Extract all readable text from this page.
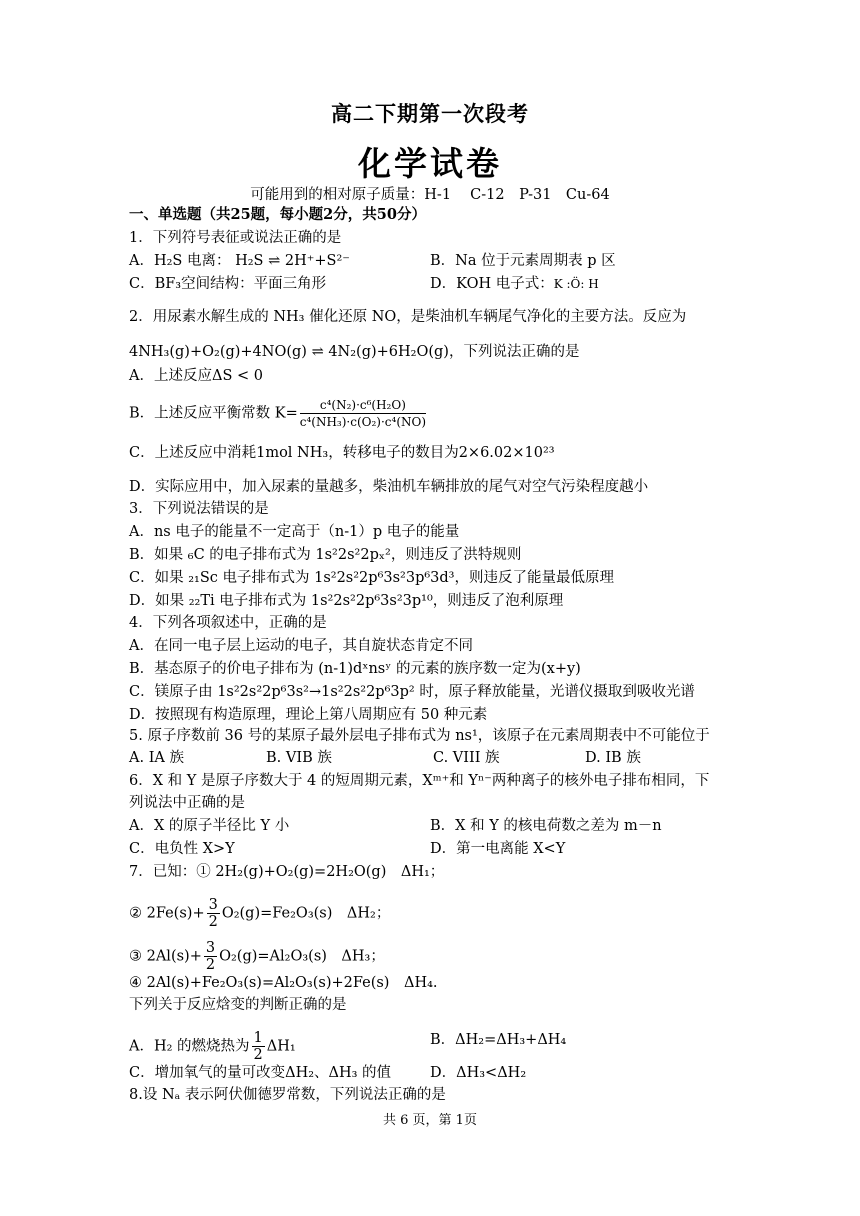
高二下期第一次段考
化学试卷
可能用到的相对原子质量：H-1　 C-12　P-31　Cu-64
一、单选题（共25题，每小题2分，共50分）
1．下列符号表征或说法正确的是
A．H₂S 电离： H₂S ⇌ 2H⁺+S²⁻	B．Na 位于元素周期表 p 区
C．BF₃空间结构：平面三角形	D．KOH 电子式：K :Ö: H
2．用尿素水解生成的 NH₃ 催化还原 NO，是柴油机车辆尾气净化的主要方法。反应为
4NH₃(g)+O₂(g)+4NO(g) ⇌ 4N₂(g)+6H₂O(g)，下列说法正确的是
A．上述反应ΔS < 0
B．上述反应平衡常数 $K= \frac{\text{c⁴(N₂)·c⁶(H₂O)}}{\text{c⁴(NH₃)·c(O₂)·c⁴(NO)}}$
C．上述反应中消耗1mol NH₃，转移电子的数目为2×6.02×10²³
D．实际应用中，加入尿素的量越多，柴油机车辆排放的尾气对空气污染程度越小
3．下列说法错误的是
A．ns 电子的能量不一定高于（n-1）p 电子的能量
B．如果 ₆C 的电子排布式为 1s²2s²2pₓ²，则违反了洪特规则
C．如果 ₂₁Sc 电子排布式为 1s²2s²2p⁶3s²3p⁶3d³，则违反了能量最低原理
D．如果 ₂₂Ti 电子排布式为 1s²2s²2p⁶3s²3p¹⁰，则违反了泡利原理
4．下列各项叙述中，正确的是
A．在同一电子层上运动的电子，其自旋状态肯定不同
B．基态原子的价电子排布为 (n-1)dˣnsʸ 的元素的族序数一定为(x+y)
C．镁原子由 1s²2s²2p⁶3s²→1s²2s²2p⁶3p² 时，原子释放能量，光谱仪摄取到吸收光谱
D．按照现有构造原理，理论上第八周期应有 50 种元素
5. 原子序数前 36 号的某原子最外层电子排布式为 ns¹，该原子在元素周期表中不可能位于
A. IA 族	B. VIB 族	C. VIII 族	D. IB 族
6．X 和 Y 是原子序数大于 4 的短周期元素，Xᵐ⁺和 Yⁿ⁻两种离子的核外电子排布相同，下
列说法中正确的是
A．X 的原子半径比 Y 小	B．X 和 Y 的核电荷数之差为 m－n
C．电负性 X>Y	D．第一电离能 X<Y
7．已知：① 2H₂(g)+O₂(g)=2H₂O(g)　ΔH₁；
② $2Fe(s)+ \frac{3}{2} O_2(g)=Fe_2O_3(s)$　ΔH₂；
③ $2Al(s)+ \frac{3}{2} O_2(g)=Al_2O_3(s)$　ΔH₃；
④ 2Al(s)+Fe₂O₃(s)=Al₂O₃(s)+2Fe(s)　ΔH₄.
下列关于反应焓变的判断正确的是
A．H₂ 的燃烧热为 $\frac{1}{2} \Delta H_1$	B．ΔH₂=ΔH₃+ΔH₄
C．增加氧气的量可改变ΔH₂、ΔH₃ 的值	D．ΔH₃<ΔH₂
8.设 Nₐ 表示阿伏伽德罗常数，下列说法正确的是
共 6 页，第 1页
